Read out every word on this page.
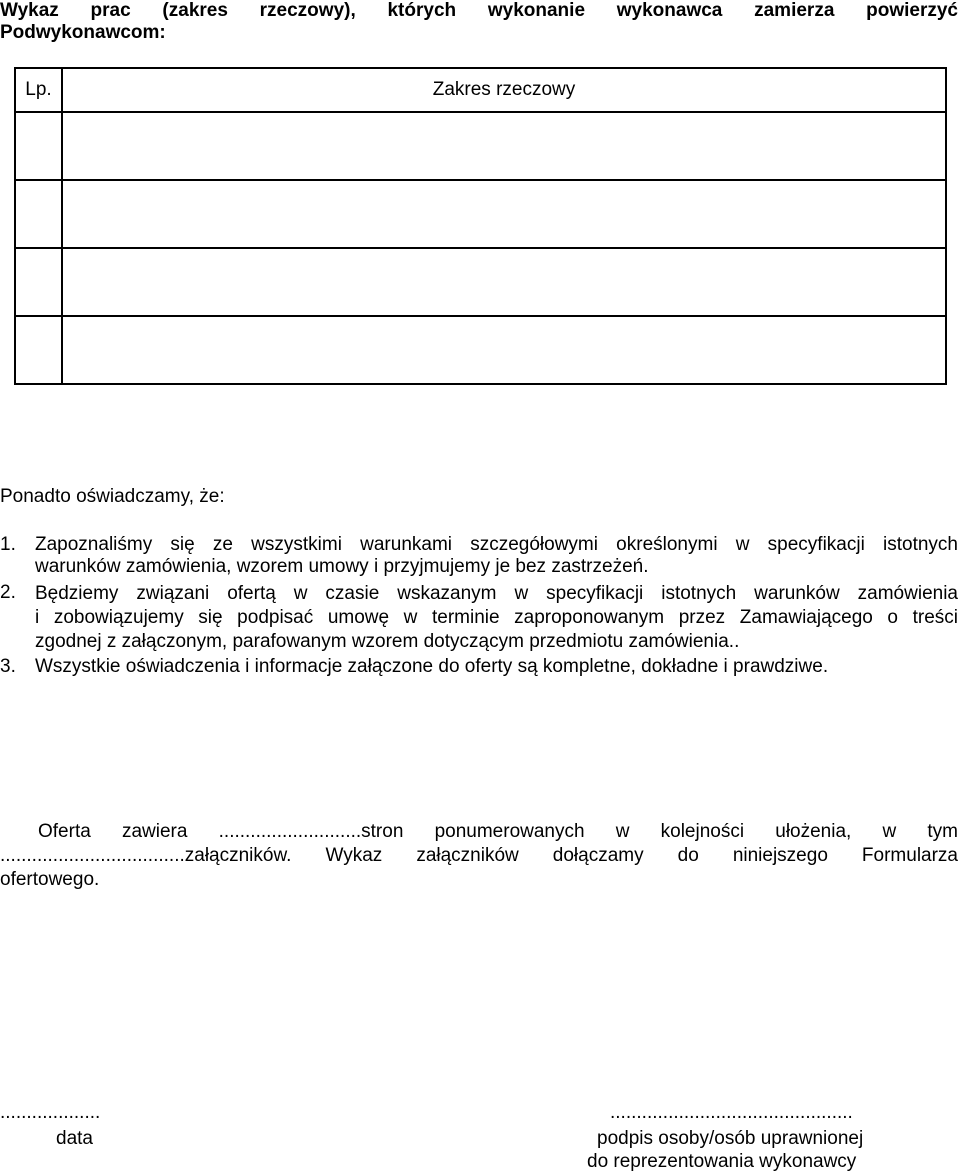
Wykaz prac (zakres rzeczowy), których wykonanie wykonawca zamierza powierzyć
Podwykonawcom:
Lp.	Zakres rzeczowy

Ponadto oświadczamy, że:
1. Zapoznaliśmy się ze wszystkimi warunkami szczegółowymi określonymi w specyfikacji istotnych
warunków zamówienia, wzorem umowy i przyjmujemy je bez zastrzeżeń.
2. Będziemy związani ofertą w czasie wskazanym w specyfikacji istotnych warunków zamówienia
i zobowiązujemy się podpisać umowę w terminie zaproponowanym przez Zamawiającego o treści
zgodnej z załączonym, parafowanym wzorem dotyczącym przedmiotu zamówienia..
3. Wszystkie oświadczenia i informacje załączone do oferty są kompletne, dokładne i prawdziwe.
Oferta zawiera ...........................stron ponumerowanych w kolejności ułożenia, w tym
...................................załączników. Wykaz załączników dołączamy do niniejszego Formularza
ofertowego.
...................
data
..............................................
podpis osoby/osób uprawnionej
do reprezentowania wykonawcy
